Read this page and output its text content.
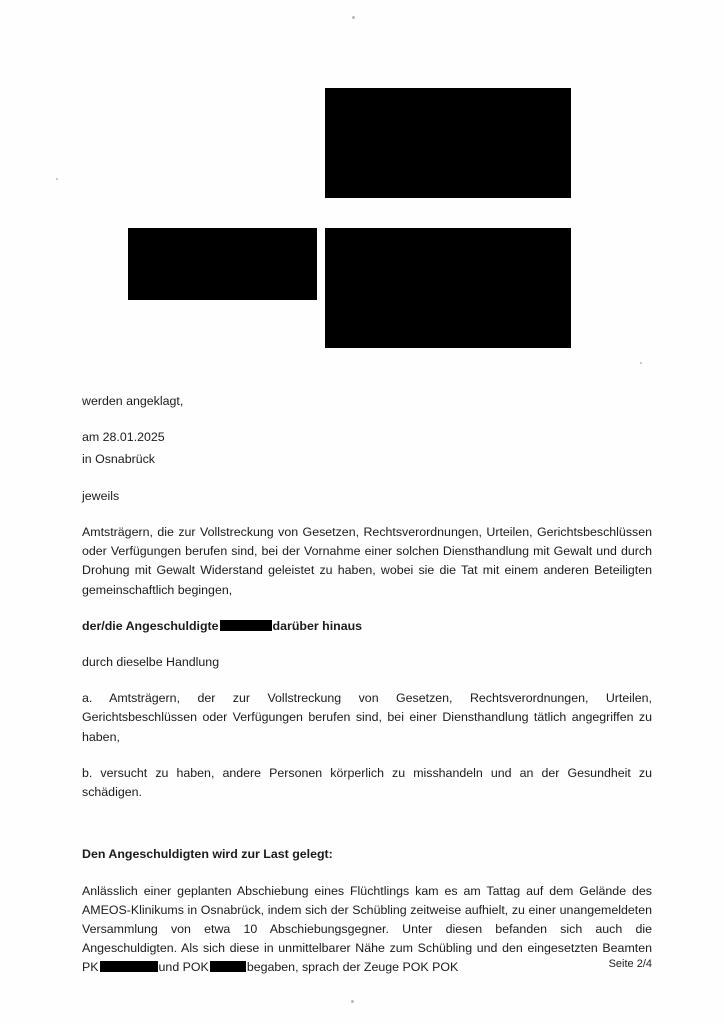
werden angeklagt,

am 28.01.2025

in Osnabrück

jeweils

Amtsträgern, die zur Vollstreckung von Gesetzen, Rechtsverordnungen, Urteilen, Gerichtsbeschlüssen oder Verfügungen berufen sind, bei der Vornahme einer solchen Diensthandlung mit Gewalt und durch Drohung mit Gewalt Widerstand geleistet zu haben, wobei sie die Tat mit einem anderen Beteiligten gemeinschaftlich begingen,

der/die Angeschuldigte	darüber hinaus

durch dieselbe Handlung

a. Amtsträgern, der zur Vollstreckung von Gesetzen, Rechtsverordnungen, Urteilen, Gerichtsbeschlüssen oder Verfügungen berufen sind, bei einer Diensthandlung tätlich angegriffen zu haben,

b. versucht zu haben, andere Personen körperlich zu misshandeln und an der Gesundheit zu schädigen.

Den Angeschuldigten wird zur Last gelegt:

Anlässlich einer geplanten Abschiebung eines Flüchtlings kam es am Tattag auf dem Gelände des AMEOS-Klinikums in Osnabrück, indem sich der Schübling zeitweise aufhielt, zu einer unangemeldeten Versammlung von etwa 10 Abschiebungsgegner. Unter diesen befanden sich auch die Angeschuldigten. Als sich diese in unmittelbarer Nähe zum Schübling und den eingesetzten Beamten PK	und POK	begaben, sprach der Zeuge POK POK	Seite 2/4
